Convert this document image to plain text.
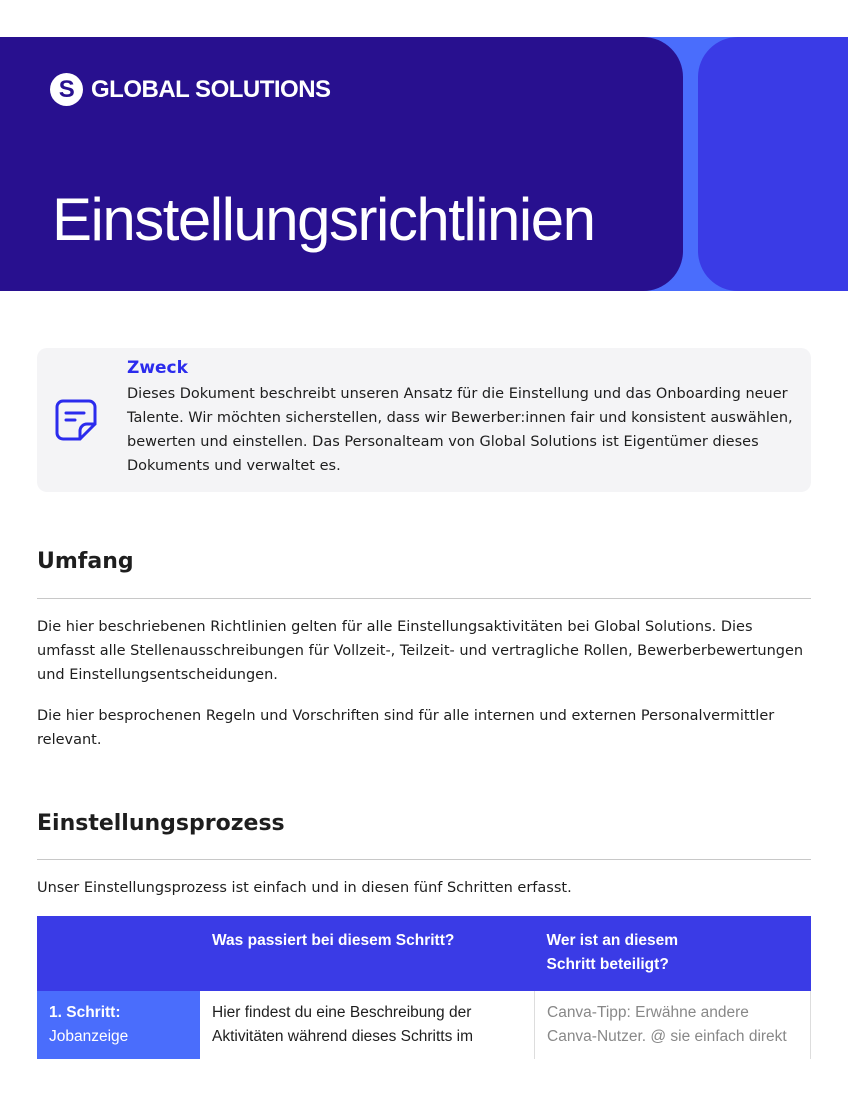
S GLOBAL SOLUTIONS
Einstellungsrichtlinien
Zweck

Dieses Dokument beschreibt unseren Ansatz für die Einstellung und das Onboarding neuer Talente. Wir möchten sicherstellen, dass wir Bewerber:innen fair und konsistent auswählen, bewerten und einstellen. Das Personalteam von Global Solutions ist Eigentümer dieses Dokuments und verwaltet es.

Umfang

Die hier beschriebenen Richtlinien gelten für alle Einstellungsaktivitäten bei Global Solutions. Dies umfasst alle Stellenausschreibungen für Vollzeit-, Teilzeit- und vertragliche Rollen, Bewerberbewertungen und Einstellungsentscheidungen.

Die hier besprochenen Regeln und Vorschriften sind für alle internen und externen Personalvermittler relevant.

Einstellungsprozess

Unser Einstellungsprozess ist einfach und in diesen fünf Schritten erfasst.

	Was passiert bei diesem Schritt?	Wer ist an diesem Schritt beteiligt?
1. Schritt:
Jobanzeige	Hier findest du eine Beschreibung der Aktivitäten während dieses Schritts im	Canva-Tipp: Erwähne andere Canva-Nutzer. @ sie einfach direkt
